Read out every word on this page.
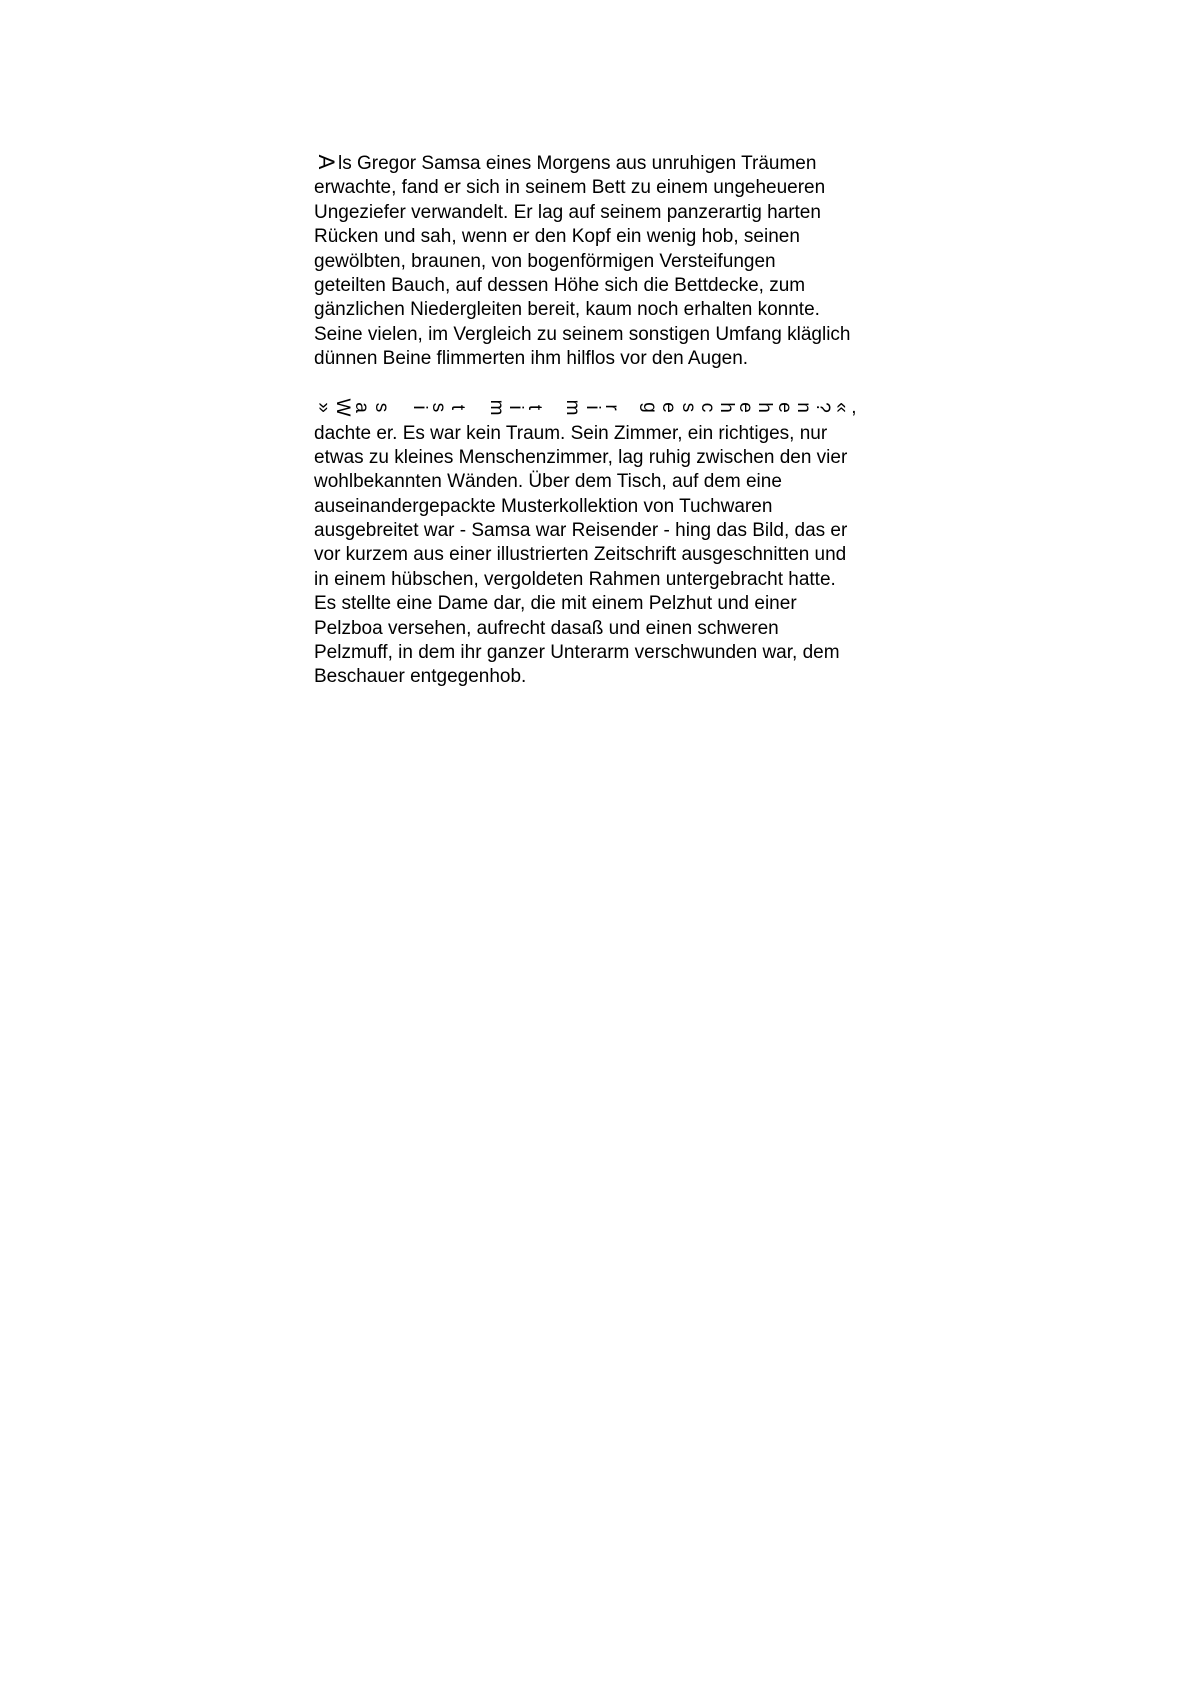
Als Gregor Samsa eines Morgens aus unruhigen Träumen
erwachte, fand er sich in seinem Bett zu einem ungeheueren
Ungeziefer verwandelt. Er lag auf seinem panzerartig harten
Rücken und sah, wenn er den Kopf ein wenig hob, seinen
gewölbten, braunen, von bogenförmigen Versteifungen
geteilten Bauch, auf dessen Höhe sich die Bettdecke, zum
gänzlichen Niedergleiten bereit, kaum noch erhalten konnte.
Seine vielen, im Vergleich zu seinem sonstigen Umfang kläglich
dünnen Beine flimmerten ihm hilflos vor den Augen.
»Was ist mit mir geschehen?«,
dachte er. Es war kein Traum. Sein Zimmer, ein richtiges, nur
etwas zu kleines Menschenzimmer, lag ruhig zwischen den vier
wohlbekannten Wänden. Über dem Tisch, auf dem eine
auseinandergepackte Musterkollektion von Tuchwaren
ausgebreitet war - Samsa war Reisender - hing das Bild, das er
vor kurzem aus einer illustrierten Zeitschrift ausgeschnitten und
in einem hübschen, vergoldeten Rahmen untergebracht hatte.
Es stellte eine Dame dar, die mit einem Pelzhut und einer
Pelzboa versehen, aufrecht dasaß und einen schweren
Pelzmuff, in dem ihr ganzer Unterarm verschwunden war, dem
Beschauer entgegenhob.
